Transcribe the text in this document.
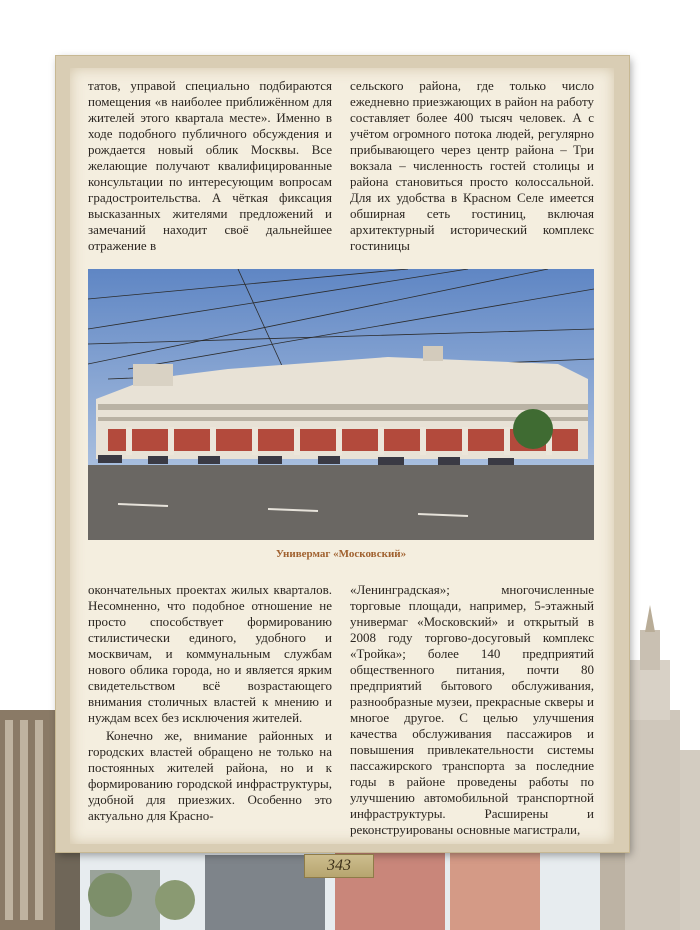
татов, управой специально подбираются помещения «в наиболее приближённом для жителей этого квартала месте». Именно в ходе подобного публичного обсуждения и рождается новый облик Москвы. Все желающие получают квалифицированные консультации по интересующим вопросам градостроительства. А чёткая фиксация высказанных жителями предложений и замечаний находит своё дальнейшее отражение в

сельского района, где только число ежедневно приезжающих в район на работу составляет более 400 тысяч человек. А с учётом огромного потока людей, регулярно прибывающего через центр района – Три вокзала – численность гостей столицы и района становиться просто колоссальной. Для их удобства в Красном Селе имеется обширная сеть гостиниц, включая архитектурный исторический комплекс гостиницы

Универмаг «Московский»

окончательных проектах жилых кварталов. Несомненно, что подобное отношение не просто способствует формированию стилистически единого, удобного и москвичам, и коммунальным службам нового облика города, но и является ярким свидетельством всё возрастающего внимания столичных властей к мнению и нуждам всех без исключения жителей.

Конечно же, внимание районных и городских властей обращено не только на постоянных жителей района, но и к формированию городской инфраструктуры, удобной для приезжих. Особенно это актуально для Красно-

«Ленинградская»; многочисленные торговые площади, например, 5-этажный универмаг «Московский» и открытый в 2008 году торгово-досуговый комплекс «Тройка»; более 140 предприятий общественного питания, почти 80 предприятий бытового обслуживания, разнообразные музеи, прекрасные скверы и многое другое. С целью улучшения качества обслуживания пассажиров и повышения привлекательности системы пассажирского транспорта за последние годы в районе проведены работы по улучшению автомобильной транспортной инфраструктуры. Расширены и реконструированы основные магистрали,

343
